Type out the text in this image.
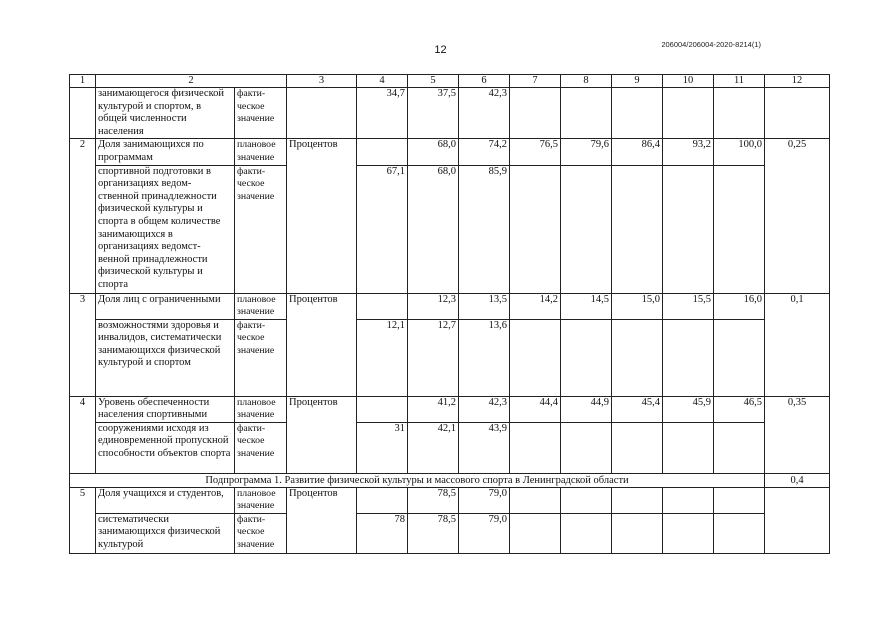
206004/206004-2020-8214(1)
12
1	2		3	4	5	6	7	8	9	10	11	12
	занимающегося физической культурой и спортом, в общей численности населения	факти-ческое значение		34,7	37,5	42,3						
2	Доля занимающихся по программам	плановое значение	Процентов		68,0	74,2	76,5	79,6	86,4	93,2	100,0	0,25
	спортивной подготовки в организациях ведом-ственной принадлежности физической культуры и спорта в общем количестве занимающихся в организациях ведомст-венной принадлежности физической культуры и спорта	факти-ческое значение		67,1	68,0	85,9						
3	Доля лиц с ограниченными	плановое значение	Процентов		12,3	13,5	14,2	14,5	15,0	15,5	16,0	0,1
	возможностями здоровья и инвалидов, систематически занимающихся физической культурой и спортом	факти-ческое значение		12,1	12,7	13,6						
4	Уровень обеспеченности населения спортивными	плановое значение	Процентов		41,2	42,3	44,4	44,9	45,4	45,9	46,5	0,35
	сооружениями исходя из единовременной пропускной способности объектов спорта	факти-ческое значение		31	42,1	43,9						
Подпрограмма 1. Развитие физической культуры и массового спорта в Ленинградской области												0,4
5	Доля учащихся и студентов,	плановое значение	Процентов		78,5	79,0						
	систематически занимающихся физической культурой	факти-ческое значение		78	78,5	79,0						
